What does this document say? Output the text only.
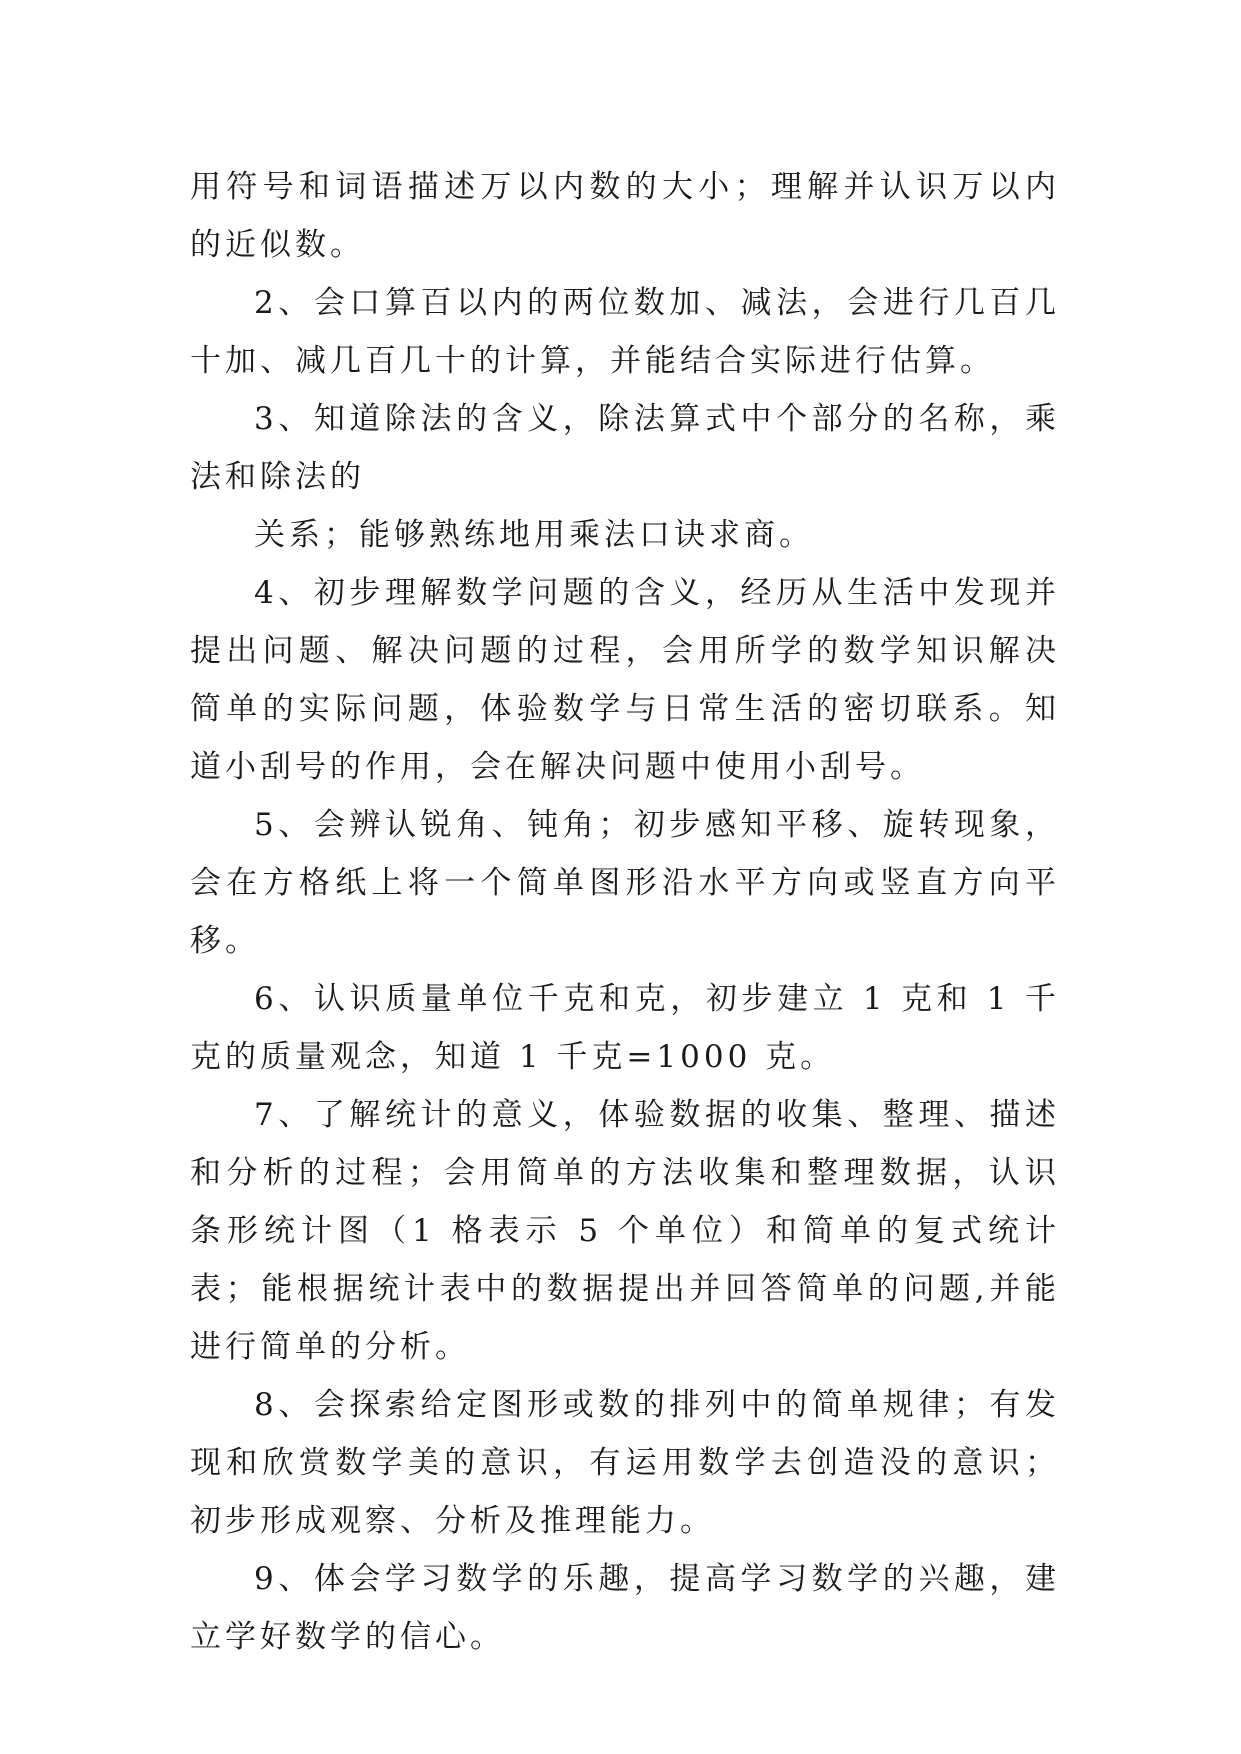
用符号和词语描述万以内数的大小；理解并认识万以内的近似数。

2、会口算百以内的两位数加、减法，会进行几百几十加、减几百几十的计算，并能结合实际进行估算。

3、知道除法的含义，除法算式中个部分的名称，乘法和除法的

关系；能够熟练地用乘法口诀求商。

4、初步理解数学问题的含义，经历从生活中发现并提出问题、解决问题的过程，会用所学的数学知识解决简单的实际问题，体验数学与日常生活的密切联系。知道小刮号的作用，会在解决问题中使用小刮号。

5、会辨认锐角、钝角；初步感知平移、旋转现象，会在方格纸上将一个简单图形沿水平方向或竖直方向平移。

6、认识质量单位千克和克，初步建立 1 克和 1 千克的质量观念，知道 1 千克=1000 克。

7、了解统计的意义，体验数据的收集、整理、描述和分析的过程；会用简单的方法收集和整理数据，认识条形统计图（1 格表示 5 个单位）和简单的复式统计表；能根据统计表中的数据提出并回答简单的问题,并能进行简单的分析。

8、会探索给定图形或数的排列中的简单规律；有发现和欣赏数学美的意识，有运用数学去创造没的意识；初步形成观察、分析及推理能力。

9、体会学习数学的乐趣，提高学习数学的兴趣，建立学好数学的信心。
